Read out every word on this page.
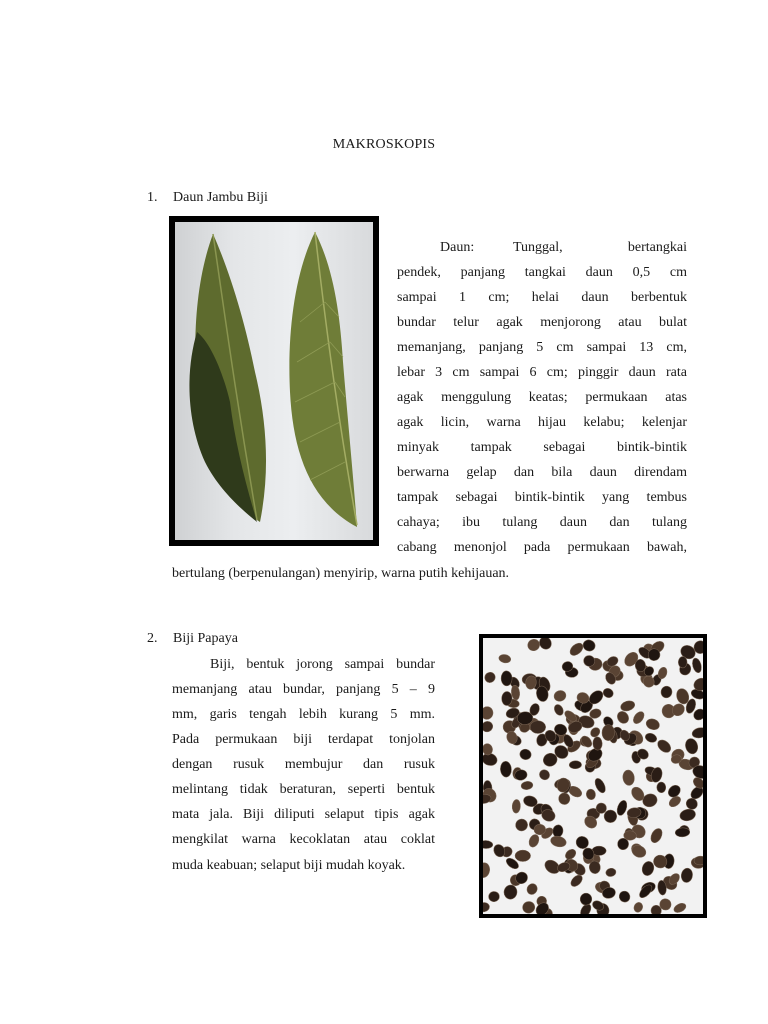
MAKROSKOPIS
1. Daun Jambu Biji
Daun:	Tunggal,	bertangkai
pendek, panjang tangkai daun 0,5 cm
sampai 1 cm; helai daun berbentuk
bundar telur agak menjorong atau bulat
memanjang, panjang 5 cm sampai 13 cm,
lebar 3 cm sampai 6 cm; pinggir daun rata
agak menggulung keatas; permukaan atas
agak licin, warna hijau kelabu; kelenjar
minyak tampak sebagai bintik-bintik
berwarna gelap dan bila daun direndam
tampak sebagai bintik-bintik yang tembus
cahaya; ibu tulang daun dan tulang
cabang menonjol pada permukaan bawah,
bertulang (berpenulangan) menyirip, warna putih kehijauan.
2. Biji Papaya
Biji, bentuk jorong sampai bundar
memanjang atau bundar, panjang 5 – 9
mm, garis tengah lebih kurang 5 mm.
Pada permukaan biji terdapat tonjolan
dengan rusuk membujur dan rusuk
melintang tidak beraturan, seperti bentuk
mata jala. Biji diliputi selaput tipis agak
mengkilat warna kecoklatan atau coklat
muda keabuan; selaput biji mudah koyak.
